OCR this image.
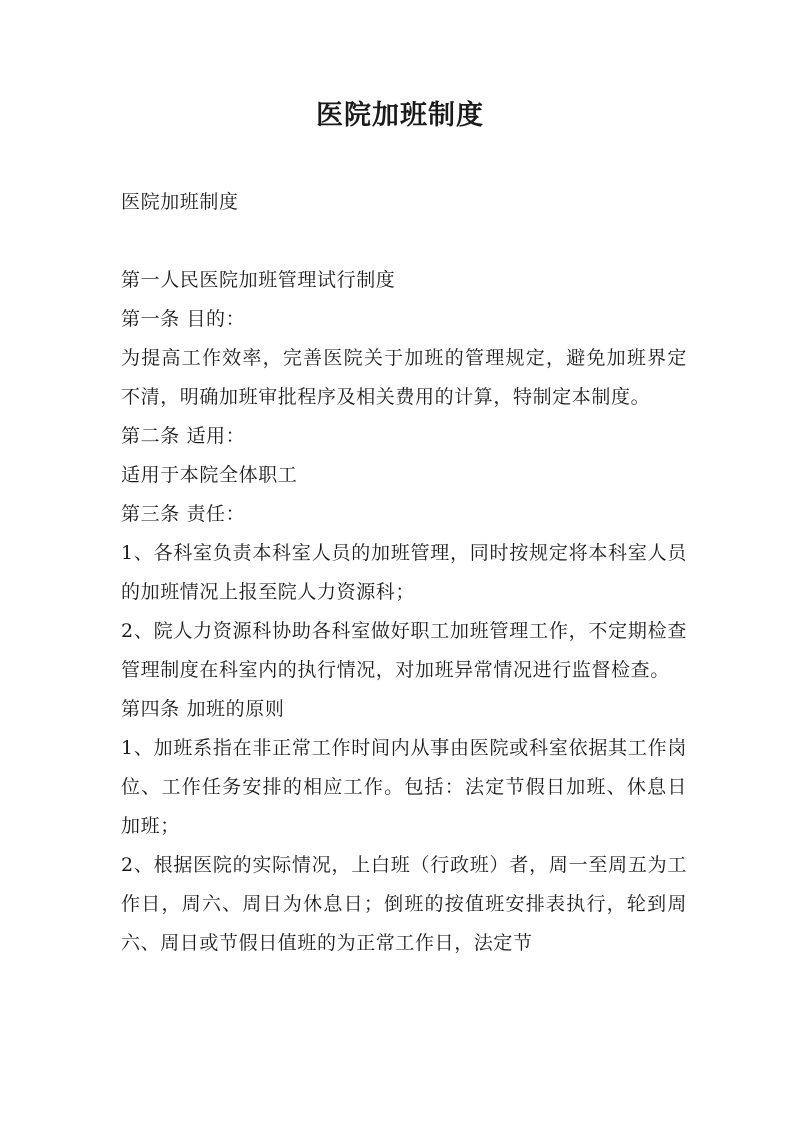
医院加班制度

医院加班制度

第一人民医院加班管理试行制度

第一条 目的：

为提高工作效率，完善医院关于加班的管理规定，避免加班界定不清，明确加班审批程序及相关费用的计算，特制定本制度。

第二条 适用：

适用于本院全体职工

第三条 责任：

1、各科室负责本科室人员的加班管理，同时按规定将本科室人员的加班情况上报至院人力资源科；

2、院人力资源科协助各科室做好职工加班管理工作，不定期检查管理制度在科室内的执行情况，对加班异常情况进行监督检查。

第四条 加班的原则

1、加班系指在非正常工作时间内从事由医院或科室依据其工作岗位、工作任务安排的相应工作。包括：法定节假日加班、休息日加班；

2、根据医院的实际情况，上白班（行政班）者，周一至周五为工作日，周六、周日为休息日；倒班的按值班安排表执行，轮到周六、周日或节假日值班的为正常工作日，法定节
